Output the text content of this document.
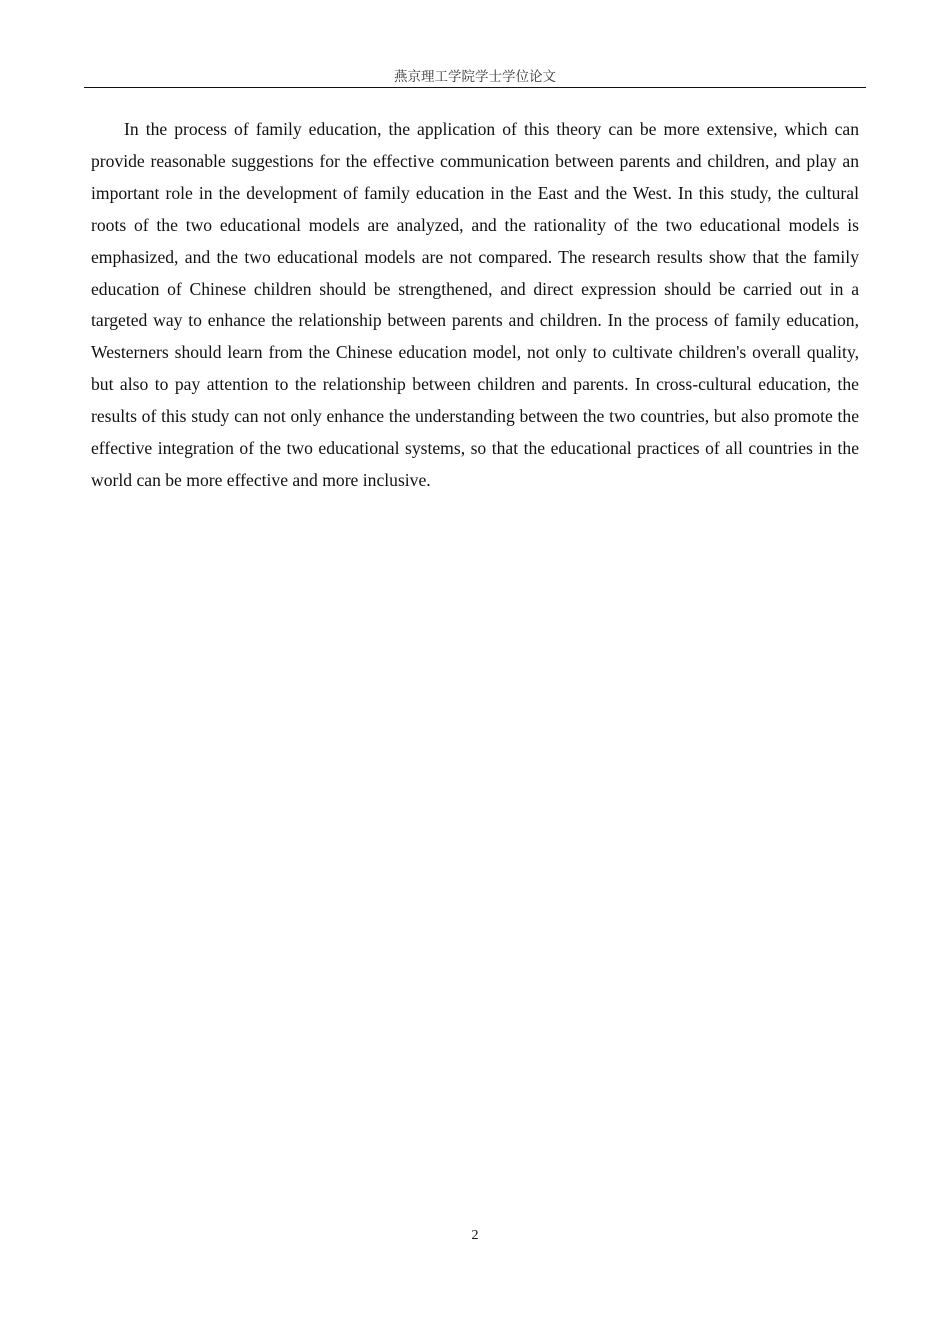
燕京理工学院学士学位论文

In the process of family education, the application of this theory can be more extensive, which can provide reasonable suggestions for the effective communication between parents and children, and play an important role in the development of family education in the East and the West. In this study, the cultural roots of the two educational models are analyzed, and the rationality of the two educational models is emphasized, and the two educational models are not compared. The research results show that the family education of Chinese children should be strengthened, and direct expression should be carried out in a targeted way to enhance the relationship between parents and children. In the process of family education, Westerners should learn from the Chinese education model, not only to cultivate children's overall quality, but also to pay attention to the relationship between children and parents. In cross-cultural education, the results of this study can not only enhance the understanding between the two countries, but also promote the effective integration of the two educational systems, so that the educational practices of all countries in the world can be more effective and more inclusive.

2
